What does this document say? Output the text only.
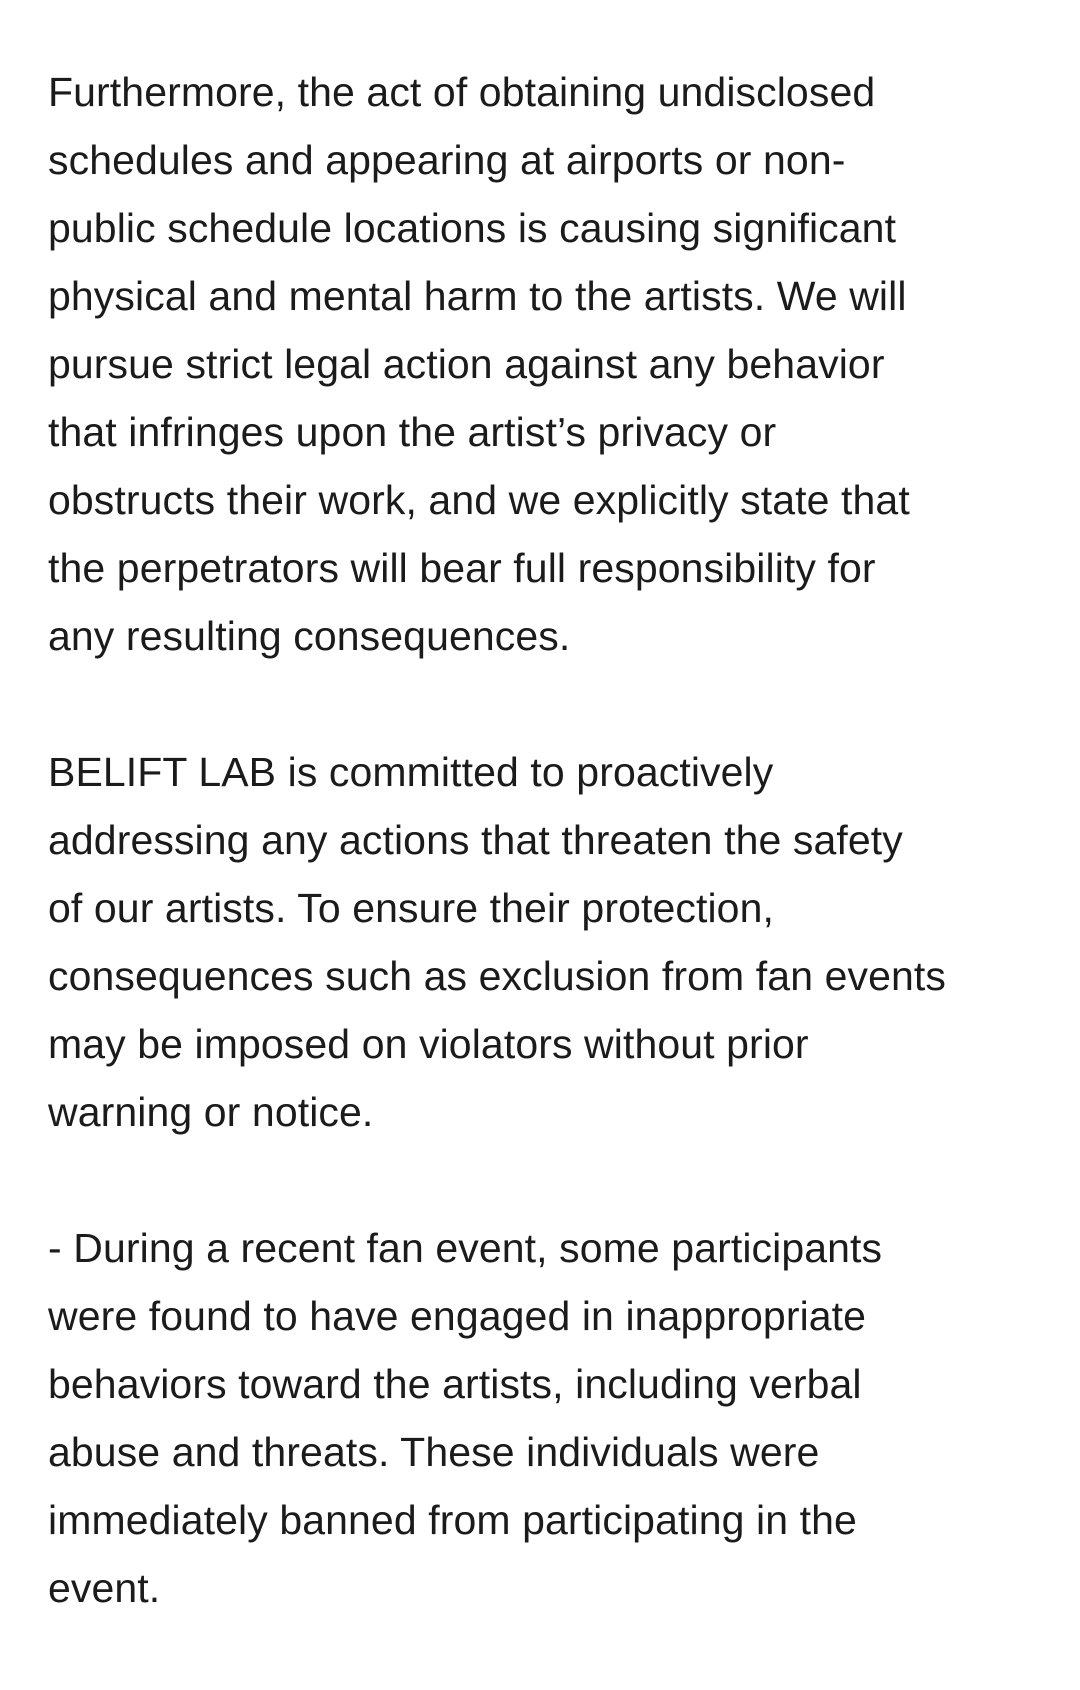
Furthermore, the act of obtaining undisclosed
schedules and appearing at airports or non-
public schedule locations is causing significant
physical and mental harm to the artists. We will
pursue strict legal action against any behavior
that infringes upon the artist’s privacy or
obstructs their work, and we explicitly state that
the perpetrators will bear full responsibility for
any resulting consequences.

BELIFT LAB is committed to proactively
addressing any actions that threaten the safety
of our artists. To ensure their protection,
consequences such as exclusion from fan events
may be imposed on violators without prior
warning or notice.

- During a recent fan event, some participants
were found to have engaged in inappropriate
behaviors toward the artists, including verbal
abuse and threats. These individuals were
immediately banned from participating in the
event.
